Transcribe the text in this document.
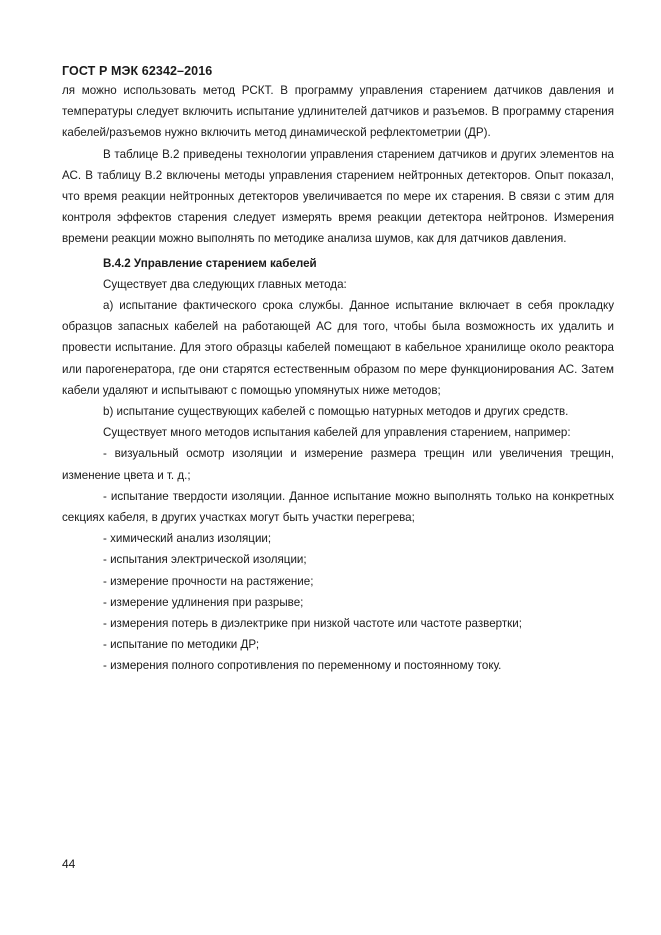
ГОСТ Р МЭК 62342–2016

ля можно использовать метод РСКТ. В программу управления старением датчиков давления и температуры следует включить испытание удлинителей датчиков и разъемов. В программу старения кабелей/разъемов нужно включить метод динамической рефлектометрии (ДР).

В таблице В.2 приведены технологии управления старением датчиков и других элементов на АС. В таблицу В.2 включены методы управления старением нейтронных детекторов. Опыт показал, что время реакции нейтронных детекторов увеличивается по мере их старения. В связи с этим для контроля эффектов старения следует измерять время реакции детектора нейтронов. Измерения времени реакции можно выполнять по методике анализа шумов, как для датчиков давления.

В.4.2 Управление старением кабелей

Существует два следующих главных метода:

а) испытание фактического срока службы. Данное испытание включает в себя прокладку образцов запасных кабелей на работающей АС для того, чтобы была возможность их удалить и провести испытание. Для этого образцы кабелей помещают в кабельное хранилище около реактора или парогенератора, где они старятся естественным образом по мере функционирования АС. Затем кабели удаляют и испытывают с помощью упомянутых ниже методов;

b) испытание существующих кабелей с помощью натурных методов и других средств.

Существует много методов испытания кабелей для управления старением, например:

- визуальный осмотр изоляции и измерение размера трещин или увеличения трещин, изменение цвета и т. д.;

- испытание твердости изоляции. Данное испытание можно выполнять только на конкретных секциях кабеля, в других участках могут быть участки перегрева;

- химический анализ изоляции;

- испытания электрической изоляции;

- измерение прочности на растяжение;

- измерение удлинения при разрыве;

- измерения потерь в диэлектрике при низкой частоте или частоте развертки;

- испытание по методики ДР;

- измерения полного сопротивления по переменному и постоянному току.

44
